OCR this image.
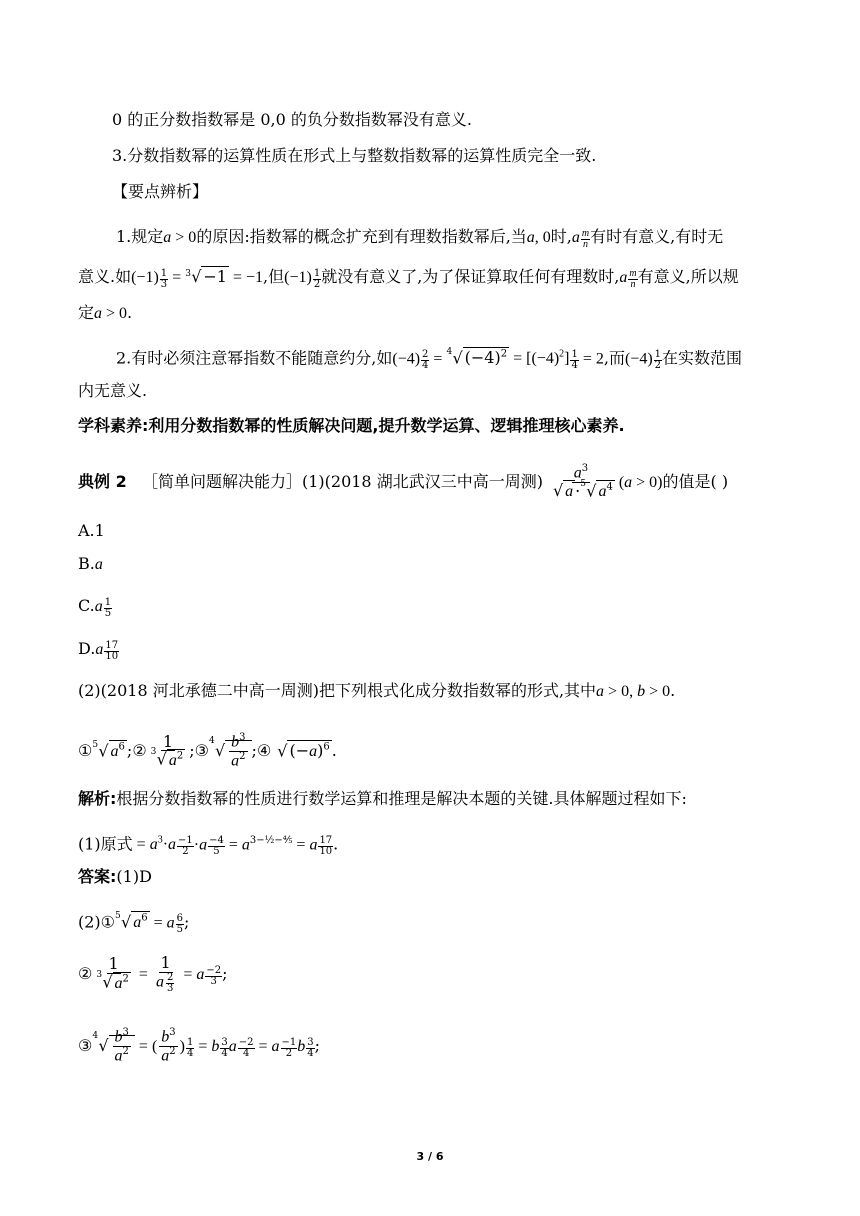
0 的正分数指数幂是 0,0 的负分数指数幂没有意义.
3.分数指数幂的运算性质在形式上与整数指数幂的运算性质完全一致.
【要点辨析】
1.规定a > 0的原因:指数幂的概念扩充到有理数指数幂后,当a, 0时$,a \frac{m}{n}$ 有时有意义,有时无
意义.如$(-1) \frac{1}{3} = 3$ √ −1 = −1,但$(-1) \frac{1}{2}$ 就没有意义了,为了保证算取任何有理数时$,a \frac{m}{n}$ 有意义,所以规
定a > 0.
2.有时必须注意幂指数不能随意约分,如$(-4) \frac{2}{4} = 4$ √ $(-4)^2 = [(-4)^2] \frac{1}{4} = 2$,而$(-4) \frac{1}{2}$ 在实数范围
内无意义.
学科素养:利用分数指数幂的性质解决问题,提升数学运算、逻辑推理核心素养.
典例 2 ［简单问题解决能力］(1)(2018 湖北武汉三中高一周测) $\frac{a^3}{√ a \cdot 5 √ a^4} (a > 0)$的值是( )
A.1
B.a
$C.a \frac{1}{5}$
$D.a \frac{17}{10}$
(2)(2018 河北承德二中高一周测)把下列根式化成分数指数幂的形式,其中a > 0, b > 0.
① 5 √ $a^6$ ;② $\frac{1}{3 √ a^2}$ ;③
4
√ $\frac{b^3}{a^2}$ ;④ √ $(-a)^6$ .
解析:根据分数指数幂的性质进行数学运算和推理是解决本题的关键.具体解题过程如下:
(1)原式 = $a^3\cdot a \frac{-1}{2} \cdot a \frac{-4}{5} = a^{3-\frac{1}{2}-\frac{4}{5}} = a \frac{17}{10}$ .
答案:(1)D
(2)① 5 √ $a^6 = a \frac{6}{5}$ ;
② $\frac{1}{3 √ a^2} = \frac{1}{a \frac{2}{3}} = a \frac{-2}{3}$ ;
③
4
√ $\frac{b^3}{a^2}$ = ( $\frac{b^3}{a^2}$ ) $\frac{1}{4} = b \frac{3}{4}$ a $\frac{-2}{4} = a \frac{-1}{2}$ b $\frac{3}{4}$ ;
3 / 6
